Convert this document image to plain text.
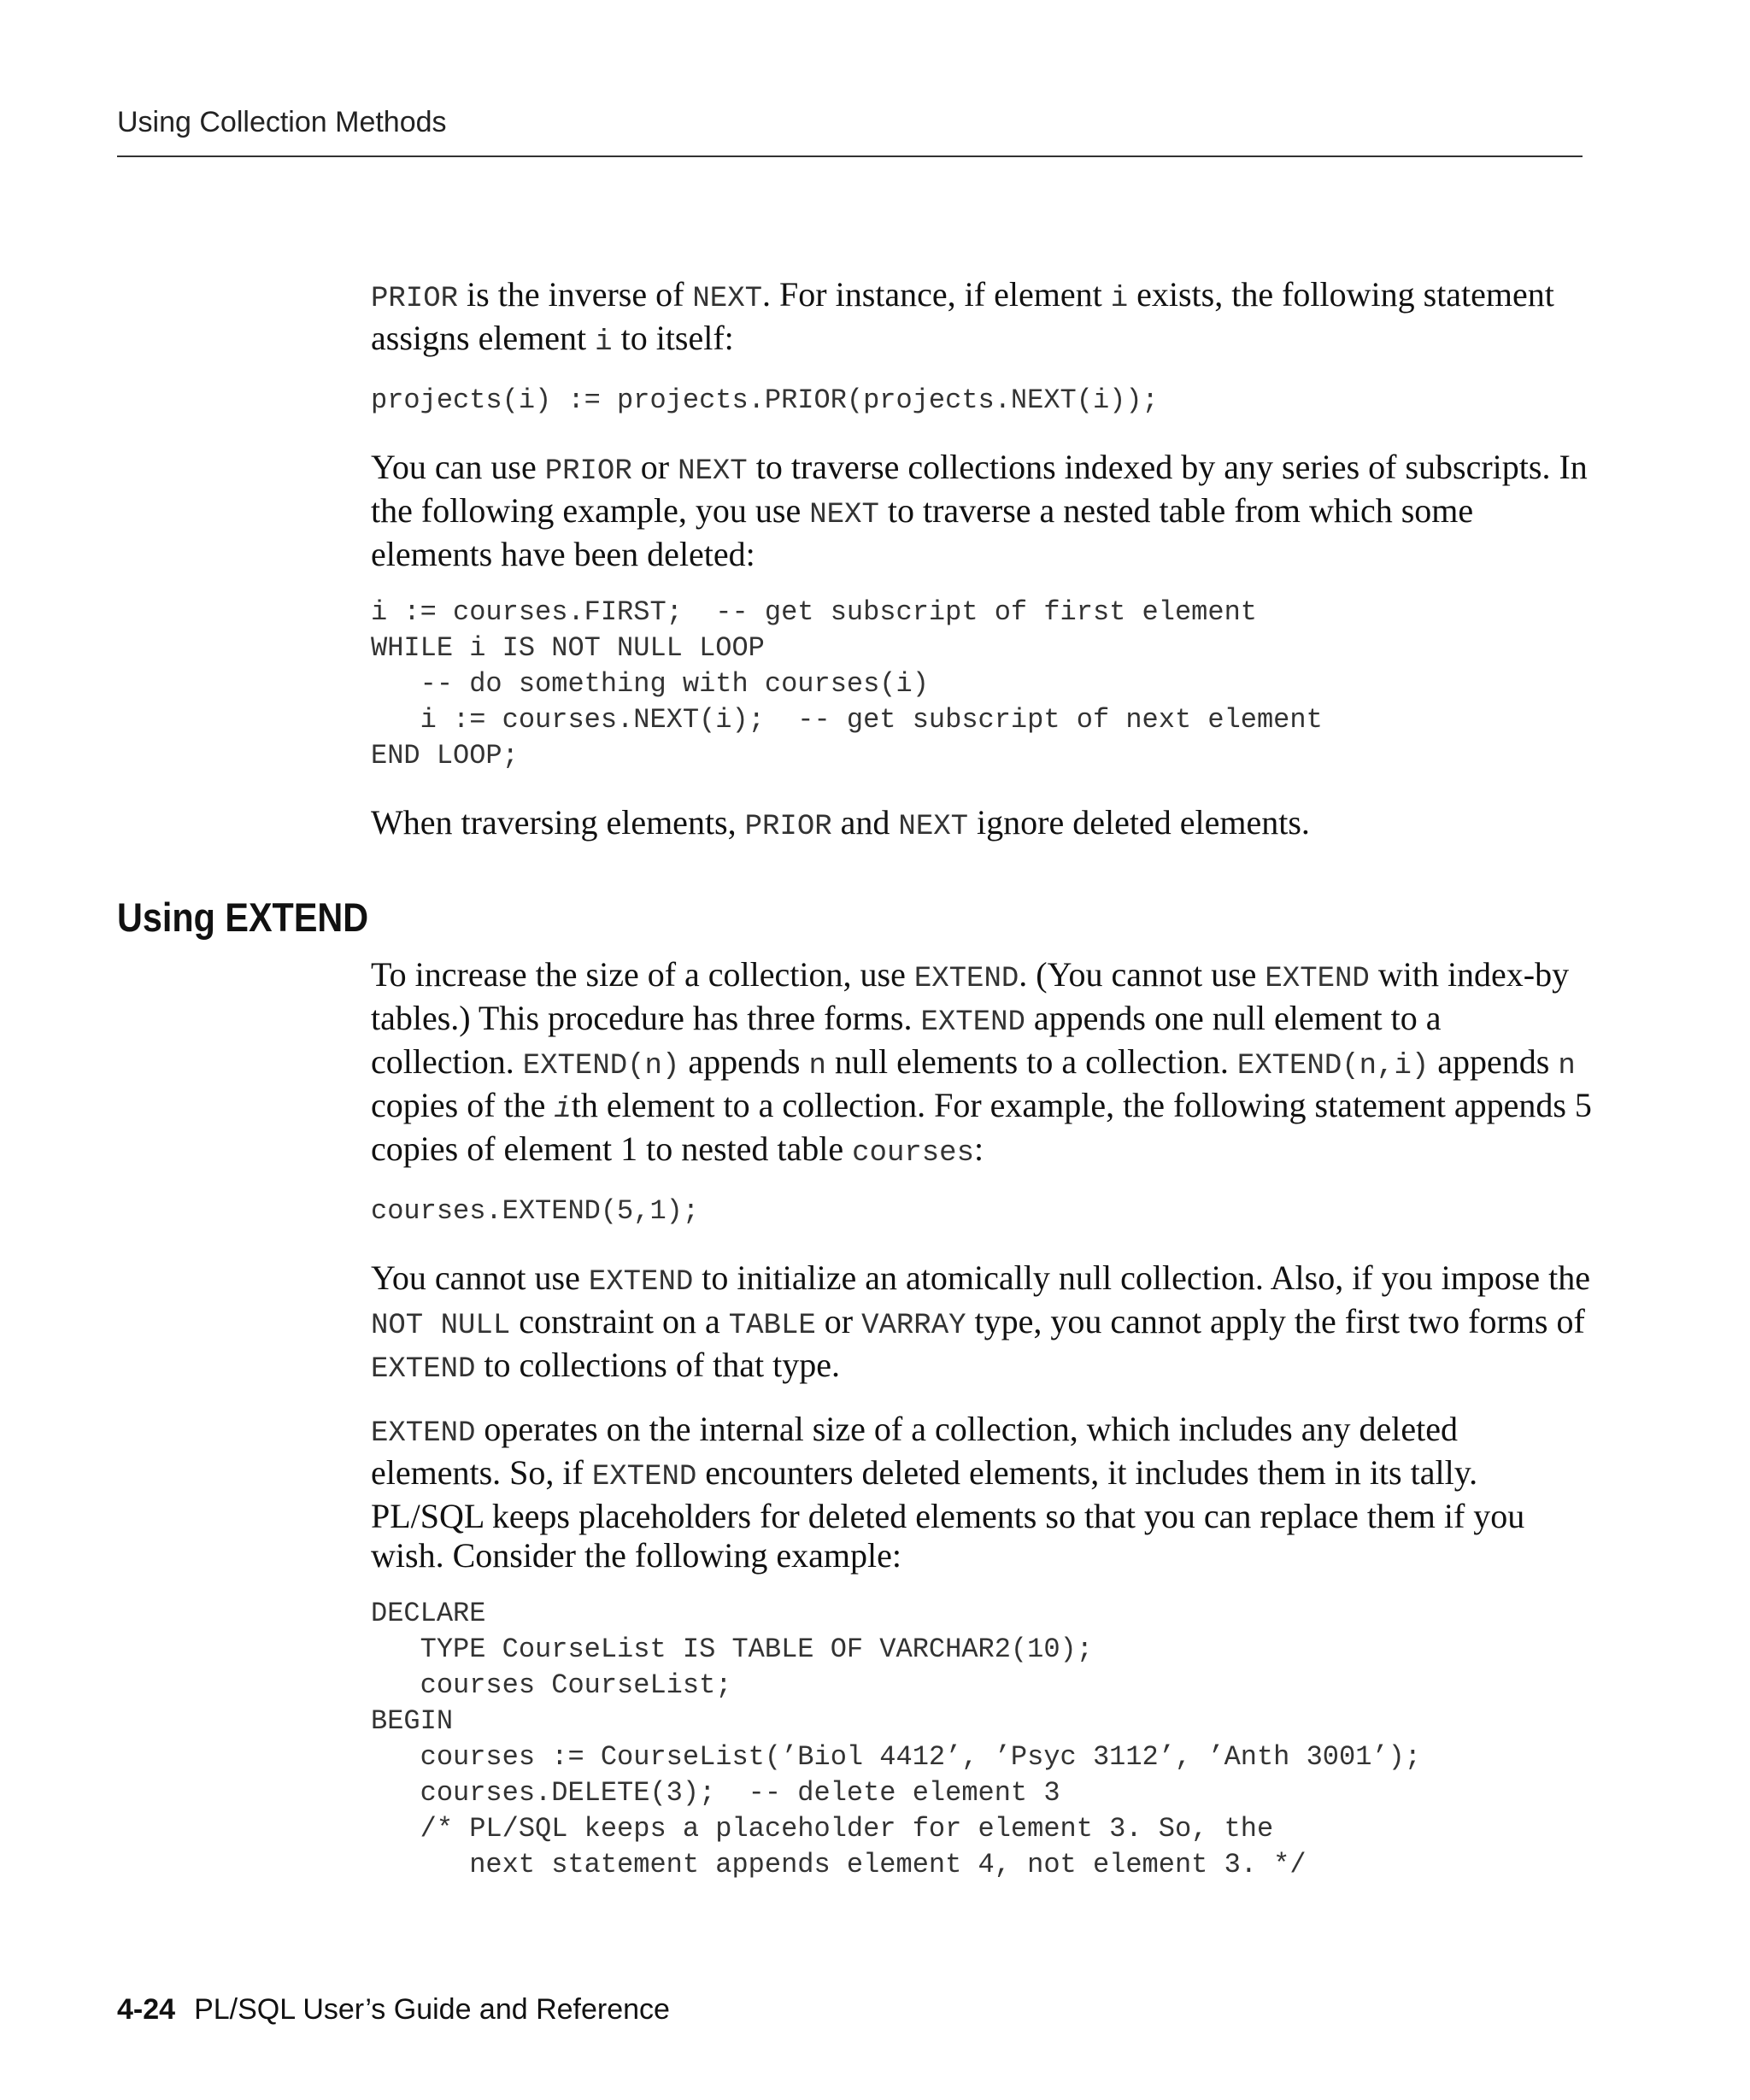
Using Collection Methods

PRIOR is the inverse of NEXT. For instance, if element i exists, the following statement assigns element i to itself:

projects(i) := projects.PRIOR(projects.NEXT(i));

You can use PRIOR or NEXT to traverse collections indexed by any series of subscripts. In the following example, you use NEXT to traverse a nested table from which some elements have been deleted:

i := courses.FIRST;  -- get subscript of first element
WHILE i IS NOT NULL LOOP
-- do something with courses(i)
i := courses.NEXT(i);  -- get subscript of next element
END LOOP;

When traversing elements, PRIOR and NEXT ignore deleted elements.

Using EXTEND

To increase the size of a collection, use EXTEND. (You cannot use EXTEND with index-by tables.) This procedure has three forms. EXTEND appends one null element to a collection. EXTEND(n) appends n null elements to a collection. EXTEND(n,i) appends n copies of the ith element to a collection. For example, the following statement appends 5 copies of element 1 to nested table courses:

courses.EXTEND(5,1);

You cannot use EXTEND to initialize an atomically null collection. Also, if you impose the NOT NULL constraint on a TABLE or VARRAY type, you cannot apply the first two forms of EXTEND to collections of that type.

EXTEND operates on the internal size of a collection, which includes any deleted elements. So, if EXTEND encounters deleted elements, it includes them in its tally. PL/SQL keeps placeholders for deleted elements so that you can replace them if you wish. Consider the following example:

DECLARE
TYPE CourseList IS TABLE OF VARCHAR2(10);
courses CourseList;
BEGIN
courses := CourseList(’Biol 4412’, ’Psyc 3112’, ’Anth 3001’);
courses.DELETE(3);  -- delete element 3
/* PL/SQL keeps a placeholder for element 3. So, the
next statement appends element 4, not element 3. */
4-24 PL/SQL User’s Guide and Reference
